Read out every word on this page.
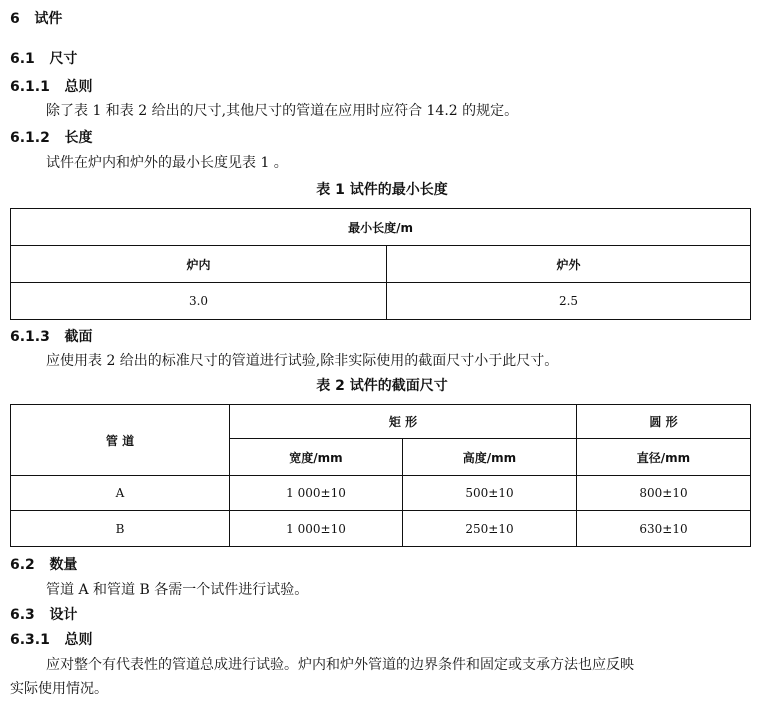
6 试件
6.1 尺寸
6.1.1 总则
除了表 1 和表 2 给出的尺寸,其他尺寸的管道在应用时应符合 14.2 的规定。
6.1.2 长度
试件在炉内和炉外的最小长度见表 1 。
表 1 试件的最小长度
最小长度/m	
炉内	炉外
3.0	2.5
6.1.3 截面
应使用表 2 给出的标准尺寸的管道进行试验,除非实际使用的截面尺寸小于此尺寸。
表 2 试件的截面尺寸
管 道	矩 形		圆 形
	宽度/mm	高度/mm	直径/mm
A	1 000±10	500±10	800±10
B	1 000±10	250±10	630±10
6.2 数量
管道 A 和管道 B 各需一个试件进行试验。
6.3 设计
6.3.1 总则
应对整个有代表性的管道总成进行试验。炉内和炉外管道的边界条件和固定或支承方法也应反映
实际使用情况。
